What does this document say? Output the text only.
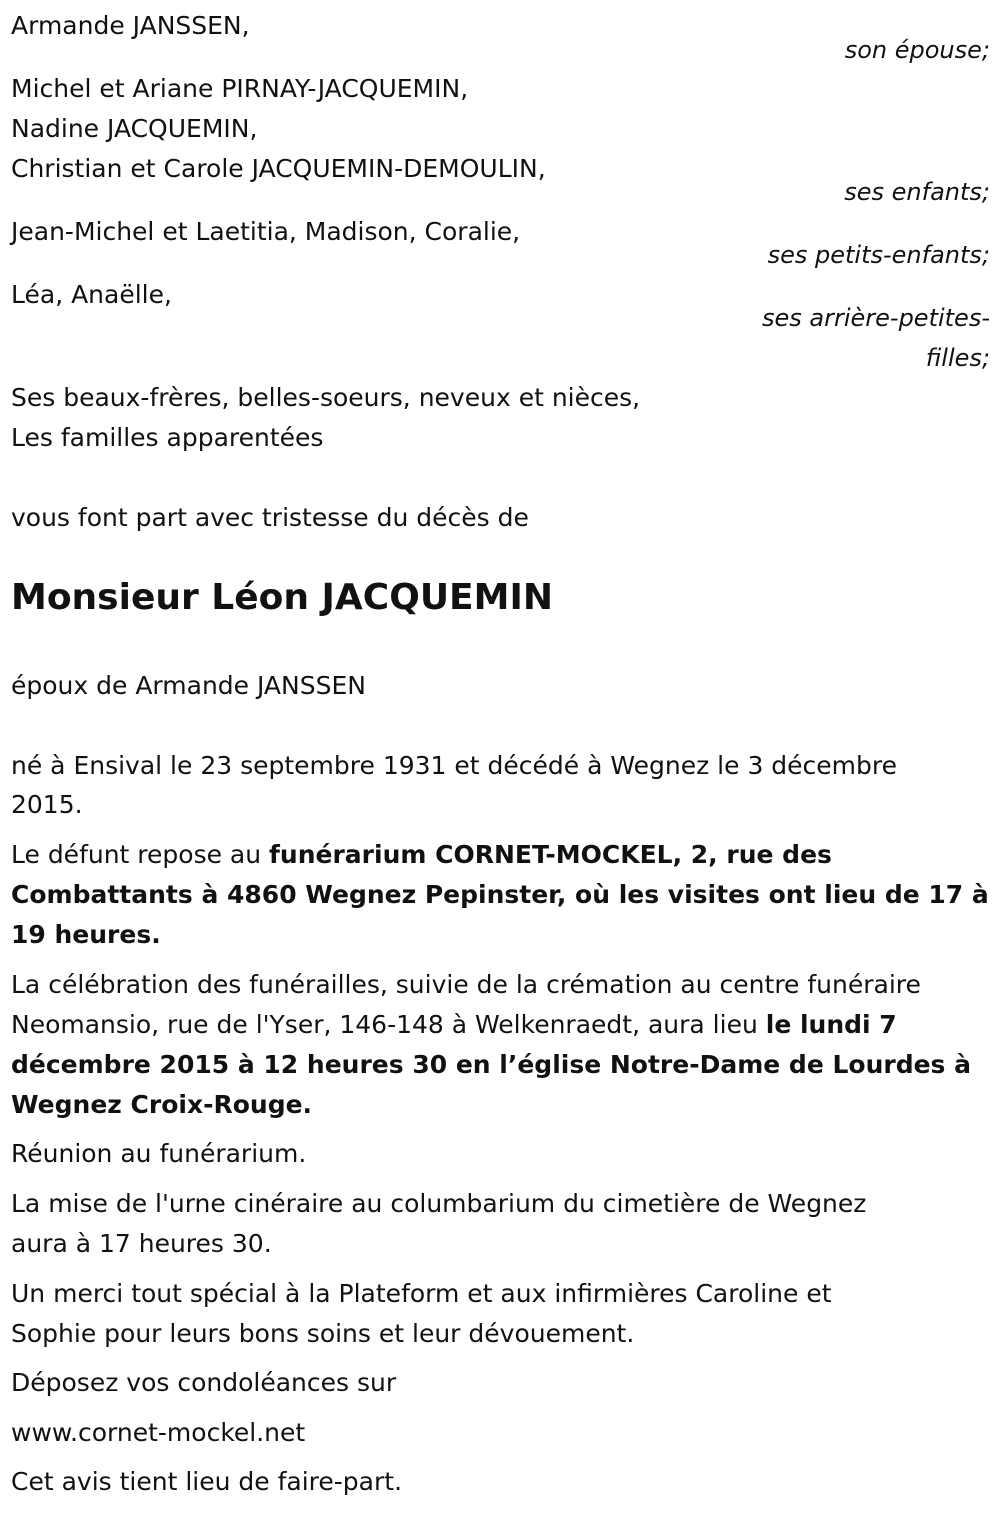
Armande JANSSEN,

son épouse;

Michel et Ariane PIRNAY-JACQUEMIN,

Nadine JACQUEMIN,

Christian et Carole JACQUEMIN-DEMOULIN,

ses enfants;

Jean-Michel et Laetitia, Madison, Coralie,

ses petits-enfants;

Léa, Anaëlle,

ses arrière-petites-

filles;

Ses beaux-frères, belles-soeurs, neveux et nièces,

Les familles apparentées

vous font part avec tristesse du décès de

Monsieur Léon JACQUEMIN

époux de Armande JANSSEN

né à Ensival le 23 septembre 1931 et décédé à Wegnez le 3 décembre

2015.

Le défunt repose au funérarium CORNET-MOCKEL, 2, rue des

Combattants à 4860 Wegnez Pepinster, où les visites ont lieu de 17 à

19 heures.

La célébration des funérailles, suivie de la crémation au centre funéraire

Neomansio, rue de l'Yser, 146-148 à Welkenraedt, aura lieu le lundi 7

décembre 2015 à 12 heures 30 en l’église Notre-Dame de Lourdes à

Wegnez Croix-Rouge.

Réunion au funérarium.

La mise de l'urne cinéraire au columbarium du cimetière de Wegnez

aura à 17 heures 30.

Un merci tout spécial à la Plateform et aux infirmières Caroline et

Sophie pour leurs bons soins et leur dévouement.

Déposez vos condoléances sur

www.cornet-mockel.net

Cet avis tient lieu de faire-part.
